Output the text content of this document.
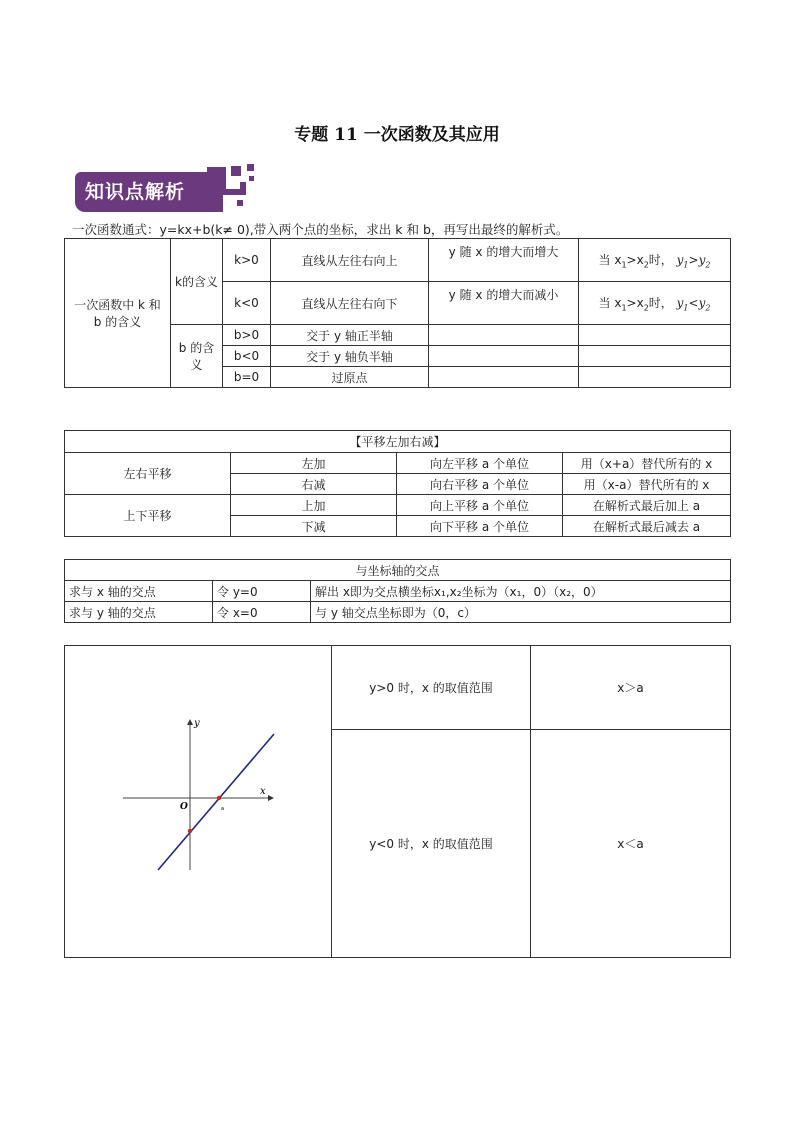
专题 11 一次函数及其应用
知识点解析
一次函数通式：y=kx+b(k≠ 0),带入两个点的坐标，求出 k 和 b，再写出最终的解析式。
一次函数中 k 和 b 的含义	k的含义	k>0	直线从左往右向上	y 随 x 的增大而增大	当 $x_1>x_2$时， $y_1>y_2$
		k<0	直线从左往右向下	y 随 x 的增大而减小	当 $x_1>x_2$时， $y_1<y_2$
	b 的含义	b>0	交于 y 轴正半轴		
		b<0	交于 y 轴负半轴		
		b=0	过原点		
【平移左加右减】			
左右平移	左加	向左平移 a 个单位	用（x+a）替代所有的 x
	右减	向右平移 a 个单位	用（x-a）替代所有的 x
上下平移	上加	向上平移 a 个单位	在解析式最后加上 a
	下减	向下平移 a 个单位	在解析式最后减去 a
与坐标轴的交点		
求与 x 轴的交点	令 y=0	解出 x即为交点横坐标x₁,x₂坐标为（x₁，0）（x₂，0）
求与 y 轴的交点	令 x=0	与 y 轴交点坐标即为（0，c）
y
x
O a	y>0 时，x 的取值范围	x＞a
	y<0 时，x 的取值范围	x＜a
